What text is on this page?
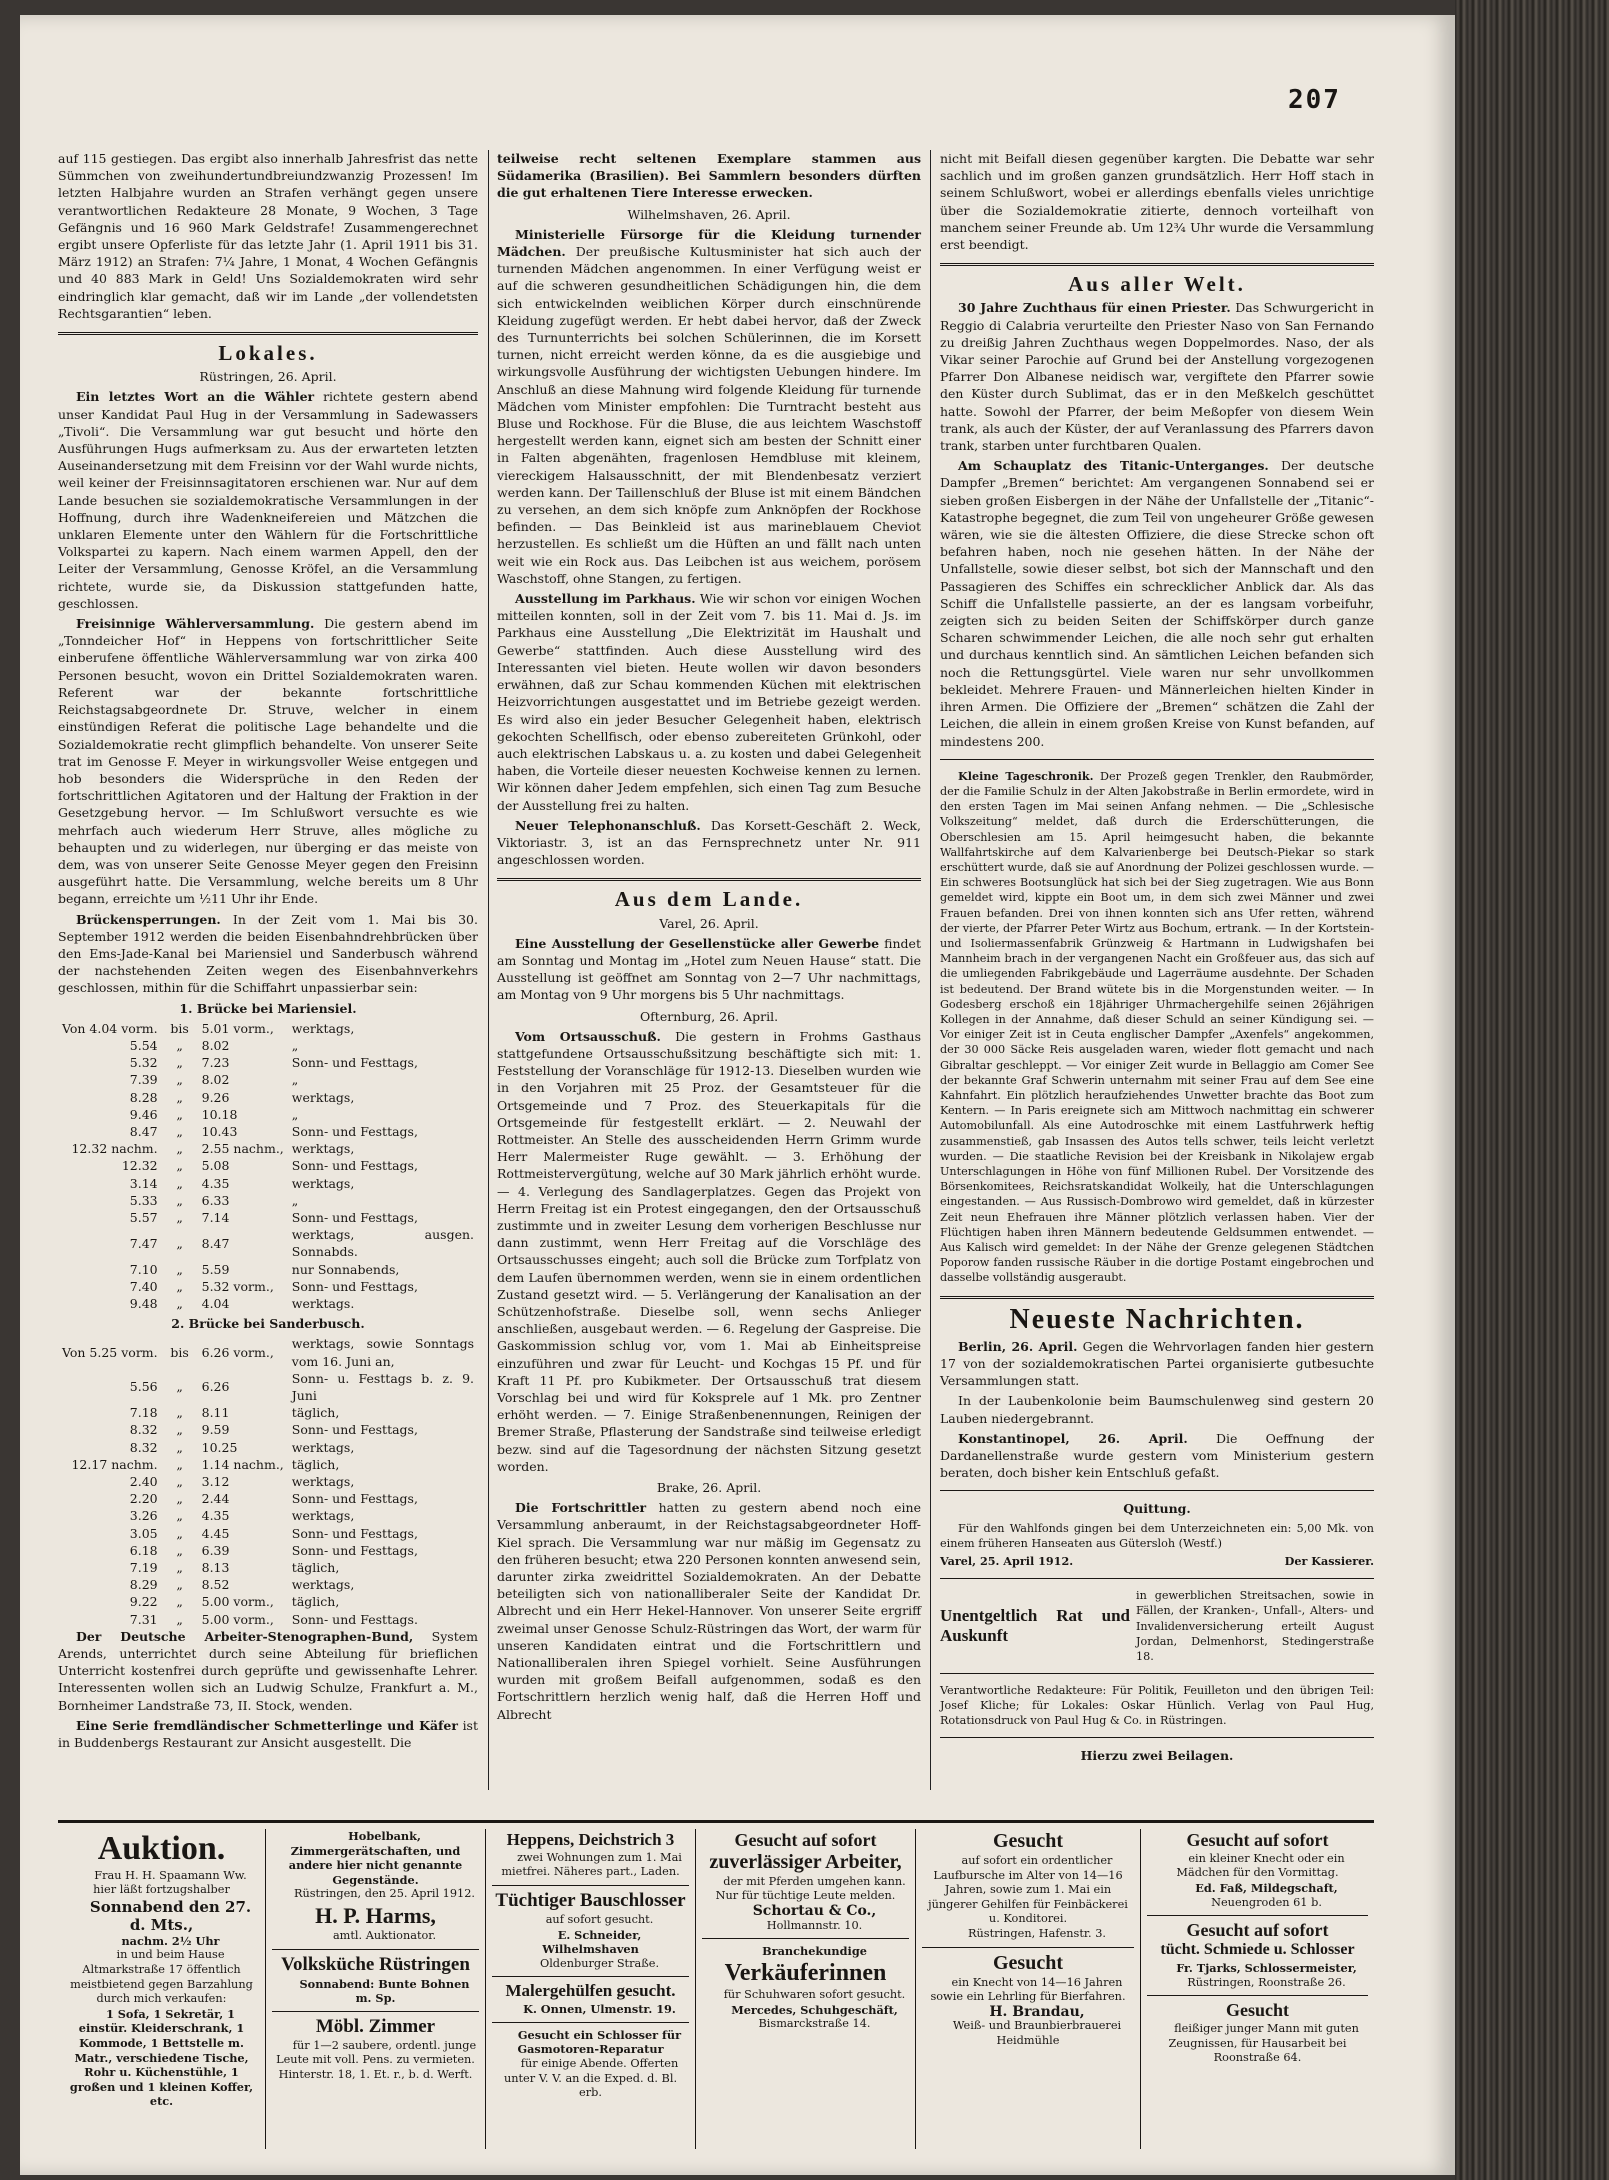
207

auf 115 gestiegen. Das ergibt also innerhalb Jahresfrist das nette Sümmchen von zweihundertundbreiundzwanzig Prozessen! Im letzten Halbjahre wurden an Strafen verhängt gegen unsere verantwortlichen Redakteure 28 Monate, 9 Wochen, 3 Tage Gefängnis und 16 960 Mark Geldstrafe! Zusammengerechnet ergibt unsere Opferliste für das letzte Jahr (1. April 1911 bis 31. März 1912) an Strafen: 7¼ Jahre, 1 Monat, 4 Wochen Gefängnis und 40 883 Mark in Geld! Uns Sozialdemokraten wird sehr eindringlich klar gemacht, daß wir im Lande „der vollendetsten Rechtsgarantien“ leben.

Lokales.
Rüstringen, 26. April.

Ein letztes Wort an die Wähler richtete gestern abend unser Kandidat Paul Hug in der Versammlung in Sadewassers „Tivoli“. Die Versammlung war gut besucht und hörte den Ausführungen Hugs aufmerksam zu. Aus der erwarteten letzten Auseinandersetzung mit dem Freisinn vor der Wahl wurde nichts, weil keiner der Freisinnsagitatoren erschienen war. Nur auf dem Lande besuchen sie sozialdemokratische Versammlungen in der Hoffnung, durch ihre Wadenkneifereien und Mätzchen die unklaren Elemente unter den Wählern für die Fortschrittliche Volkspartei zu kapern. Nach einem warmen Appell, den der Leiter der Versammlung, Genosse Kröfel, an die Versammlung richtete, wurde sie, da Diskussion stattgefunden hatte, geschlossen.

Freisinnige Wählerversammlung. Die gestern abend im „Tonndeicher Hof“ in Heppens von fortschrittlicher Seite einberufene öffentliche Wählerversammlung war von zirka 400 Personen besucht, wovon ein Drittel Sozialdemokraten waren. Referent war der bekannte fortschrittliche Reichstagsabgeordnete Dr. Struve, welcher in einem einstündigen Referat die politische Lage behandelte und die Sozialdemokratie recht glimpflich behandelte. Von unserer Seite trat im Genosse F. Meyer in wirkungsvoller Weise entgegen und hob besonders die Widersprüche in den Reden der fortschrittlichen Agitatoren und der Haltung der Fraktion in der Gesetzgebung hervor. — Im Schlußwort versuchte es wie mehrfach auch wiederum Herr Struve, alles mögliche zu behaupten und zu widerlegen, nur überging er das meiste von dem, was von unserer Seite Genosse Meyer gegen den Freisinn ausgeführt hatte. Die Versammlung, welche bereits um 8 Uhr begann, erreichte um ½11 Uhr ihr Ende.

Brückensperrungen. In der Zeit vom 1. Mai bis 30. September 1912 werden die beiden Eisenbahndrehbrücken über den Ems-Jade-Kanal bei Mariensiel und Sanderbusch während der nachstehenden Zeiten wegen des Eisenbahnverkehrs geschlossen, mithin für die Schiffahrt unpassierbar sein:

1. Brücke bei Mariensiel.
Von 4.04 vorm.	bis	5.01 vorm.,	werktags,
5.54	„	8.02	„
5.32	„	7.23	Sonn- und Festtags,
7.39	„	8.02	„
8.28	„	9.26	werktags,
9.46	„	10.18	„
8.47	„	10.43	Sonn- und Festtags,
12.32 nachm.	„	2.55 nachm.,	werktags,
12.32	„	5.08	Sonn- und Festtags,
3.14	„	4.35	werktags,
5.33	„	6.33	„
5.57	„	7.14	Sonn- und Festtags,
7.47	„	8.47	werktags, ausgen. Sonnabds.
7.10	„	5.59	nur Sonnabends,
7.40	„	5.32 vorm.,	Sonn- und Festtags,
9.48	„	4.04	werktags.
2. Brücke bei Sanderbusch.
Von 5.25 vorm.	bis	6.26 vorm.,	werktags, sowie Sonntags vom 16. Juni an,
5.56	„	6.26	Sonn- u. Festtags b. z. 9. Juni
7.18	„	8.11	täglich,
8.32	„	9.59	Sonn- und Festtags,
8.32	„	10.25	werktags,
12.17 nachm.	„	1.14 nachm.,	täglich,
2.40	„	3.12	werktags,
2.20	„	2.44	Sonn- und Festtags,
3.26	„	4.35	werktags,
3.05	„	4.45	Sonn- und Festtags,
6.18	„	6.39	Sonn- und Festtags,
7.19	„	8.13	täglich,
8.29	„	8.52	werktags,
9.22	„	5.00 vorm.,	täglich,
7.31	„	5.00 vorm.,	Sonn- und Festtags.

Der Deutsche Arbeiter-Stenographen-Bund, System Arends, unterrichtet durch seine Abteilung für brieflichen Unterricht kostenfrei durch geprüfte und gewissenhafte Lehrer. Interessenten wollen sich an Ludwig Schulze, Frankfurt a. M., Bornheimer Landstraße 73, II. Stock, wenden.

Eine Serie fremdländischer Schmetterlinge und Käfer ist in Buddenbergs Restaurant zur Ansicht ausgestellt. Die

teilweise recht seltenen Exemplare stammen aus Südamerika (Brasilien). Bei Sammlern besonders dürften die gut erhaltenen Tiere Interesse erwecken.

Wilhelmshaven, 26. April.

Ministerielle Fürsorge für die Kleidung turnender Mädchen. Der preußische Kultusminister hat sich auch der turnenden Mädchen angenommen. In einer Verfügung weist er auf die schweren gesundheitlichen Schädigungen hin, die dem sich entwickelnden weiblichen Körper durch einschnürende Kleidung zugefügt werden. Er hebt dabei hervor, daß der Zweck des Turnunterrichts bei solchen Schülerinnen, die im Korsett turnen, nicht erreicht werden könne, da es die ausgiebige und wirkungsvolle Ausführung der wichtigsten Uebungen hindere. Im Anschluß an diese Mahnung wird folgende Kleidung für turnende Mädchen vom Minister empfohlen: Die Turntracht besteht aus Bluse und Rockhose. Für die Bluse, die aus leichtem Waschstoff hergestellt werden kann, eignet sich am besten der Schnitt einer in Falten abgenähten, fragenlosen Hemdbluse mit kleinem, viereckigem Halsausschnitt, der mit Blendenbesatz verziert werden kann. Der Taillenschluß der Bluse ist mit einem Bändchen zu versehen, an dem sich knöpfe zum Anknöpfen der Rockhose befinden. — Das Beinkleid ist aus marineblauem Cheviot herzustellen. Es schließt um die Hüften an und fällt nach unten weit wie ein Rock aus. Das Leibchen ist aus weichem, porösem Waschstoff, ohne Stangen, zu fertigen.

Ausstellung im Parkhaus. Wie wir schon vor einigen Wochen mitteilen konnten, soll in der Zeit vom 7. bis 11. Mai d. Js. im Parkhaus eine Ausstellung „Die Elektrizität im Haushalt und Gewerbe“ stattfinden. Auch diese Ausstellung wird des Interessanten viel bieten. Heute wollen wir davon besonders erwähnen, daß zur Schau kommenden Küchen mit elektrischen Heizvorrichtungen ausgestattet und im Betriebe gezeigt werden. Es wird also ein jeder Besucher Gelegenheit haben, elektrisch gekochten Schellfisch, oder ebenso zubereiteten Grünkohl, oder auch elektrischen Labskaus u. a. zu kosten und dabei Gelegenheit haben, die Vorteile dieser neuesten Kochweise kennen zu lernen. Wir können daher Jedem empfehlen, sich einen Tag zum Besuche der Ausstellung frei zu halten.

Neuer Telephonanschluß. Das Korsett-Geschäft 2. Weck, Viktoriastr. 3, ist an das Fernsprechnetz unter Nr. 911 angeschlossen worden.

Aus dem Lande.
Varel, 26. April.

Eine Ausstellung der Gesellenstücke aller Gewerbe findet am Sonntag und Montag im „Hotel zum Neuen Hause“ statt. Die Ausstellung ist geöffnet am Sonntag von 2—7 Uhr nachmittags, am Montag von 9 Uhr morgens bis 5 Uhr nachmittags.

Ofternburg, 26. April.

Vom Ortsausschuß. Die gestern in Frohms Gasthaus stattgefundene Ortsausschußsitzung beschäftigte sich mit: 1. Feststellung der Voranschläge für 1912-13. Dieselben wurden wie in den Vorjahren mit 25 Proz. der Gesamtsteuer für die Ortsgemeinde und 7 Proz. des Steuerkapitals für die Ortsgemeinde für festgestellt erklärt. — 2. Neuwahl der Rottmeister. An Stelle des ausscheidenden Herrn Grimm wurde Herr Malermeister Ruge gewählt. — 3. Erhöhung der Rottmeistervergütung, welche auf 30 Mark jährlich erhöht wurde. — 4. Verlegung des Sandlagerplatzes. Gegen das Projekt von Herrn Freitag ist ein Protest eingegangen, den der Ortsausschuß zustimmte und in zweiter Lesung dem vorherigen Beschlusse nur dann zustimmt, wenn Herr Freitag auf die Vorschläge des Ortsausschusses eingeht; auch soll die Brücke zum Torfplatz von dem Laufen übernommen werden, wenn sie in einem ordentlichen Zustand gesetzt wird. — 5. Verlängerung der Kanalisation an der Schützenhofstraße. Dieselbe soll, wenn sechs Anlieger anschließen, ausgebaut werden. — 6. Regelung der Gaspreise. Die Gaskommission schlug vor, vom 1. Mai ab Einheitspreise einzuführen und zwar für Leucht- und Kochgas 15 Pf. und für Kraft 11 Pf. pro Kubikmeter. Der Ortsausschuß trat diesem Vorschlag bei und wird für Koksprele auf 1 Mk. pro Zentner erhöht werden. — 7. Einige Straßenbenennungen, Reinigen der Bremer Straße, Pflasterung der Sandstraße sind teilweise erledigt bezw. sind auf die Tagesordnung der nächsten Sitzung gesetzt worden.

Brake, 26. April.

Die Fortschrittler hatten zu gestern abend noch eine Versammlung anberaumt, in der Reichstagsabgeordneter Hoff-Kiel sprach. Die Versammlung war nur mäßig im Gegensatz zu den früheren besucht; etwa 220 Personen konnten anwesend sein, darunter zirka zweidrittel Sozialdemokraten. An der Debatte beteiligten sich von nationalliberaler Seite der Kandidat Dr. Albrecht und ein Herr Hekel-Hannover. Von unserer Seite ergriff zweimal unser Genosse Schulz-Rüstringen das Wort, der warm für unseren Kandidaten eintrat und die Fortschrittlern und Nationalliberalen ihren Spiegel vorhielt. Seine Ausführungen wurden mit großem Beifall aufgenommen, sodaß es den Fortschrittlern herzlich wenig half, daß die Herren Hoff und Albrecht

nicht mit Beifall diesen gegenüber kargten. Die Debatte war sehr sachlich und im großen ganzen grundsätzlich. Herr Hoff stach in seinem Schlußwort, wobei er allerdings ebenfalls vieles unrichtige über die Sozialdemokratie zitierte, dennoch vorteilhaft von manchem seiner Freunde ab. Um 12¾ Uhr wurde die Versammlung erst beendigt.

Aus aller Welt.

30 Jahre Zuchthaus für einen Priester. Das Schwurgericht in Reggio di Calabria verurteilte den Priester Naso von San Fernando zu dreißig Jahren Zuchthaus wegen Doppelmordes. Naso, der als Vikar seiner Parochie auf Grund bei der Anstellung vorgezogenen Pfarrer Don Albanese neidisch war, vergiftete den Pfarrer sowie den Küster durch Sublimat, das er in den Meßkelch geschüttet hatte. Sowohl der Pfarrer, der beim Meßopfer von diesem Wein trank, als auch der Küster, der auf Veranlassung des Pfarrers davon trank, starben unter furchtbaren Qualen.

Am Schauplatz des Titanic-Unterganges. Der deutsche Dampfer „Bremen“ berichtet: Am vergangenen Sonnabend sei er sieben großen Eisbergen in der Nähe der Unfallstelle der „Titanic“-Katastrophe begegnet, die zum Teil von ungeheurer Größe gewesen wären, wie sie die ältesten Offiziere, die diese Strecke schon oft befahren haben, noch nie gesehen hätten. In der Nähe der Unfallstelle, sowie dieser selbst, bot sich der Mannschaft und den Passagieren des Schiffes ein schrecklicher Anblick dar. Als das Schiff die Unfallstelle passierte, an der es langsam vorbeifuhr, zeigten sich zu beiden Seiten der Schiffskörper durch ganze Scharen schwimmender Leichen, die alle noch sehr gut erhalten und durchaus kenntlich sind. An sämtlichen Leichen befanden sich noch die Rettungsgürtel. Viele waren nur sehr unvollkommen bekleidet. Mehrere Frauen- und Männerleichen hielten Kinder in ihren Armen. Die Offiziere der „Bremen“ schätzen die Zahl der Leichen, die allein in einem großen Kreise von Kunst befanden, auf mindestens 200.

Kleine Tageschronik. Der Prozeß gegen Trenkler, den Raubmörder, der die Familie Schulz in der Alten Jakobstraße in Berlin ermordete, wird in den ersten Tagen im Mai seinen Anfang nehmen. — Die „Schlesische Volkszeitung“ meldet, daß durch die Erderschütterungen, die Oberschlesien am 15. April heimgesucht haben, die bekannte Wallfahrtskirche auf dem Kalvarienberge bei Deutsch-Piekar so stark erschüttert wurde, daß sie auf Anordnung der Polizei geschlossen wurde. — Ein schweres Bootsunglück hat sich bei der Sieg zugetragen. Wie aus Bonn gemeldet wird, kippte ein Boot um, in dem sich zwei Männer und zwei Frauen befanden. Drei von ihnen konnten sich ans Ufer retten, während der vierte, der Pfarrer Peter Wirtz aus Bochum, ertrank. — In der Kortstein- und Isoliermassenfabrik Grünzweig & Hartmann in Ludwigshafen bei Mannheim brach in der vergangenen Nacht ein Großfeuer aus, das sich auf die umliegenden Fabrikgebäude und Lagerräume ausdehnte. Der Schaden ist bedeutend. Der Brand wütete bis in die Morgenstunden weiter. — In Godesberg erschoß ein 18jähriger Uhrmachergehilfe seinen 26jährigen Kollegen in der Annahme, daß dieser Schuld an seiner Kündigung sei. — Vor einiger Zeit ist in Ceuta englischer Dampfer „Axenfels“ angekommen, der 30 000 Säcke Reis ausgeladen waren, wieder flott gemacht und nach Gibraltar geschleppt. — Vor einiger Zeit wurde in Bellaggio am Comer See der bekannte Graf Schwerin unternahm mit seiner Frau auf dem See eine Kahnfahrt. Ein plötzlich heraufziehendes Unwetter brachte das Boot zum Kentern. — In Paris ereignete sich am Mittwoch nachmittag ein schwerer Automobilunfall. Als eine Autodroschke mit einem Lastfuhrwerk heftig zusammenstieß, gab Insassen des Autos tells schwer, teils leicht verletzt wurden. — Die staatliche Revision bei der Kreisbank in Nikolajew ergab Unterschlagungen in Höhe von fünf Millionen Rubel. Der Vorsitzende des Börsenkomitees, Reichsratskandidat Wolkeily, hat die Unterschlagungen eingestanden. — Aus Russisch-Dombrowo wird gemeldet, daß in kürzester Zeit neun Ehefrauen ihre Männer plötzlich verlassen haben. Vier der Flüchtigen haben ihren Männern bedeutende Geldsummen entwendet. — Aus Kalisch wird gemeldet: In der Nähe der Grenze gelegenen Städtchen Poporow fanden russische Räuber in die dortige Postamt eingebrochen und dasselbe vollständig ausgeraubt.

Neueste Nachrichten.

Berlin, 26. April. Gegen die Wehrvorlagen fanden hier gestern 17 von der sozialdemokratischen Partei organisierte gutbesuchte Versammlungen statt.

In der Laubenkolonie beim Baumschulenweg sind gestern 20 Lauben niedergebrannt.

Konstantinopel, 26. April. Die Oeffnung der Dardanellenstraße wurde gestern vom Ministerium gestern beraten, doch bisher kein Entschluß gefaßt.

Quittung.

Für den Wahlfonds gingen bei dem Unterzeichneten ein: 5,00 Mk. von einem früheren Hanseaten aus Gütersloh (Westf.)

Varel, 25. April 1912.	Der Kassierer.
Unentgeltlich Rat und Auskunft
in gewerblichen Streitsachen, sowie in Fällen, der Kranken-, Unfall-, Alters- und Invalidenversicherung erteilt August Jordan, Delmenhorst, Stedingerstraße 18.

Verantwortliche Redakteure: Für Politik, Feuilleton und den übrigen Teil: Josef Kliche; für Lokales: Oskar Hünlich. Verlag von Paul Hug, Rotationsdruck von Paul Hug & Co. in Rüstringen.

Hierzu zwei Beilagen.
Auktion.

Frau H. H. Spaamann Ww. hier läßt fortzugshalber

Sonnabend den 27. d. Mts.,

nachm. 2½ Uhr

in und beim Hause Altmarkstraße 17 öffentlich meistbietend gegen Barzahlung durch mich verkaufen:

1 Sofa, 1 Sekretär, 1 einstür. Kleiderschrank, 1 Kommode, 1 Bettstelle m. Matr., verschiedene Tische, Rohr u. Küchenstühle, 1 großen und 1 kleinen Koffer, etc.

Hobelbank, Zimmergerätschaften, und andere hier nicht genannte Gegenstände.

Rüstringen, den 25. April 1912.

H. P. Harms,

amtl. Auktionator.

Volksküche Rüstringen

Sonnabend: Bunte Bohnen m. Sp.

Möbl. Zimmer

für 1—2 saubere, ordentl. junge Leute mit voll. Pens. zu vermieten. Hinterstr. 18, 1. Et. r., b. d. Werft.

Heppens, Deichstrich 3

zwei Wohnungen zum 1. Mai mietfrei. Näheres part., Laden.

Tüchtiger Bauschlosser

auf sofort gesucht.

E. Schneider, Wilhelmshaven

Oldenburger Straße.

Malergehülfen gesucht.

K. Onnen, Ulmenstr. 19.

Gesucht ein Schlosser für Gasmotoren-Reparatur

für einige Abende. Offerten unter V. V. an die Exped. d. Bl. erb.

Gesucht auf sofort
zuverlässiger Arbeiter,

der mit Pferden umgehen kann. Nur für tüchtige Leute melden.

Schortau & Co.,

Hollmannstr. 10.

Branchekundige

Verkäuferinnen

für Schuhwaren sofort gesucht.

Mercedes, Schuhgeschäft,

Bismarckstraße 14.

Gesucht

auf sofort ein ordentlicher Laufbursche im Alter von 14—16 Jahren, sowie zum 1. Mai ein jüngerer Gehilfen für Feinbäckerei u. Konditorei.

Rüstringen, Hafenstr. 3.

Gesucht

ein Knecht von 14—16 Jahren sowie ein Lehrling für Bierfahren.

H. Brandau,

Weiß- und Braunbierbrauerei Heidmühle

Gesucht auf sofort

ein kleiner Knecht oder ein Mädchen für den Vormittag.

Ed. Faß, Mildegschaft,

Neuengroden 61 b.

Gesucht auf sofort
tücht. Schmiede u. Schlosser

Fr. Tjarks, Schlossermeister,

Rüstringen, Roonstraße 26.

Gesucht

fleißiger junger Mann mit guten Zeugnissen, für Hausarbeit bei Roonstraße 64.
